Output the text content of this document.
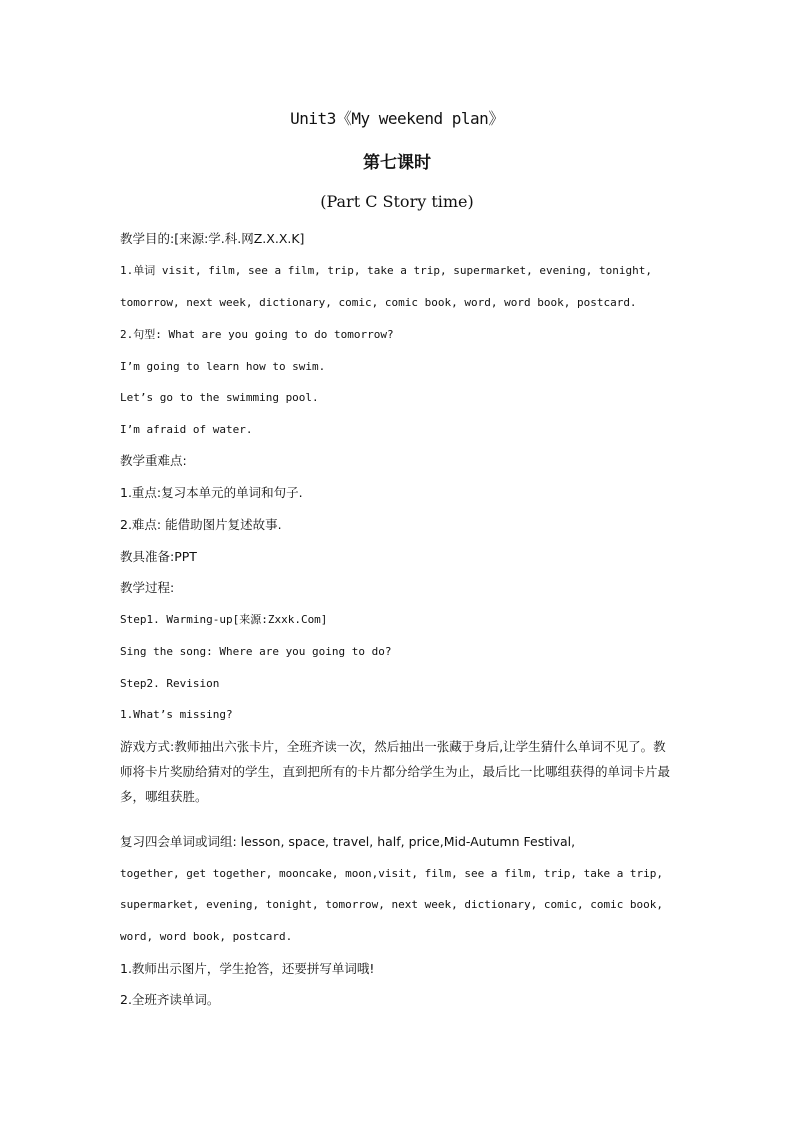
Unit3《My weekend plan》
第七课时
(Part C Story time)
教学目的:[来源:学.科.网Z.X.X.K]
1.单词 visit, film, see a film, trip, take a trip, supermarket, evening, tonight,
tomorrow, next week, dictionary, comic, comic book, word, word book, postcard.
2.句型: What are you going to do tomorrow?
I’m going to learn how to swim.
Let’s go to the swimming pool.
I’m afraid of water.
教学重难点:
1.重点:复习本单元的单词和句子.
2.难点: 能借助图片复述故事.
教具准备:PPT
教学过程:
Step1. Warming-up[来源:Zxxk.Com]
Sing the song: Where are you going to do?
Step2. Revision
1.What’s missing?
游戏方式:教师抽出六张卡片，全班齐读一次，然后抽出一张藏于身后,让学生猜什么单词不见了。教师将卡片奖励给猜对的学生，直到把所有的卡片都分给学生为止，最后比一比哪组获得的单词卡片最多，哪组获胜。
复习四会单词或词组: lesson, space, travel, half, price,Mid-Autumn Festival,
together, get together, mooncake, moon,visit, film, see a film, trip, take a trip,
supermarket, evening, tonight, tomorrow, next week, dictionary, comic, comic book,
word, word book, postcard.
1.教师出示图片，学生抢答，还要拼写单词哦!
2.全班齐读单词。
